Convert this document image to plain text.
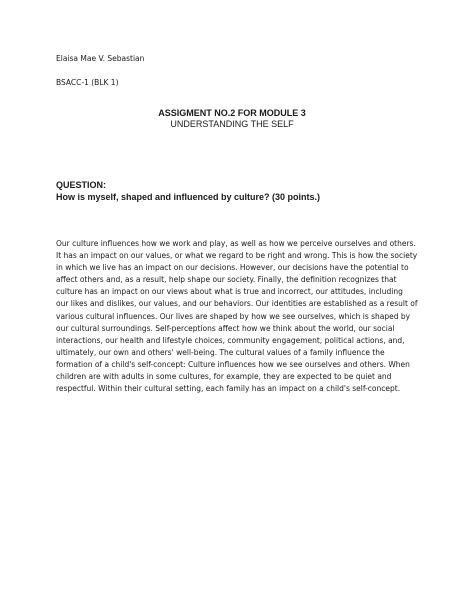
Elaisa Mae V. Sebastian
BSACC-1 (BLK 1)
ASSIGMENT NO.2 FOR MODULE 3
UNDERSTANDING THE SELF
QUESTION:
How is myself, shaped and influenced by culture? (30 points.)
Our culture influences how we work and play, as well as how we perceive ourselves and others.
It has an impact on our values, or what we regard to be right and wrong. This is how the society
in which we live has an impact on our decisions. However, our decisions have the potential to
affect others and, as a result, help shape our society. Finally, the definition recognizes that
culture has an impact on our views about what is true and incorrect, our attitudes, including
our likes and dislikes, our values, and our behaviors. Our identities are established as a result of
various cultural influences. Our lives are shaped by how we see ourselves, which is shaped by
our cultural surroundings. Self-perceptions affect how we think about the world, our social
interactions, our health and lifestyle choices, community engagement, political actions, and,
ultimately, our own and others' well-being. The cultural values of a family influence the
formation of a child's self-concept: Culture influences how we see ourselves and others. When
children are with adults in some cultures, for example, they are expected to be quiet and
respectful. Within their cultural setting, each family has an impact on a child's self-concept.
